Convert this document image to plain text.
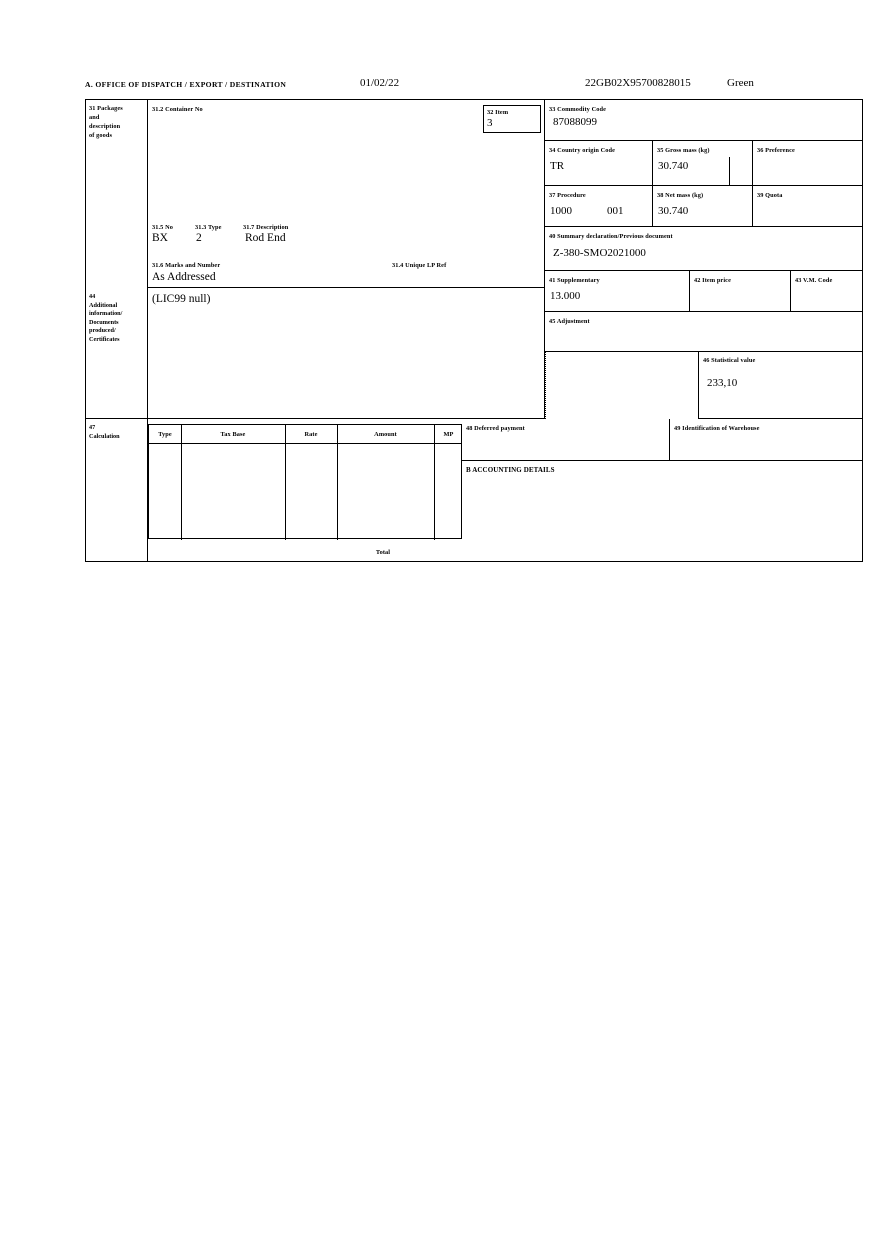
A. OFFICE OF DISPATCH / EXPORT / DESTINATION	01/02/22	22GB02X95700828015	Green
31 Packages
and
description
of goods
31.2 Container No
31.5 No	31.3 Type	31.7 Description
BX 2	Rod End
31.6 Marks and Number
As Addressed
31.4 Unique LP Ref
32 Item
3
33 Commodity Code
87088099
34 Country origin Code
TR
35 Gross mass (kg)
30.740
36 Preference
37 Procedure
1000	001
38 Net mass (kg)
30.740
39 Quota
40 Summary declaration/Previous document
Z-380-SMO2021000
41 Supplementary
13.000
42 Item price	43 V.M. Code
44
Additional
information/
Documents
produced/
Certificates
(LIC99 null)
45 Adjustment
46 Statistical value
233,10
47
Calculation	Type	Tax Base	Rate	Amount	MP
Total
48 Deferred payment	49 Identification of Warehouse
B ACCOUNTING DETAILS
